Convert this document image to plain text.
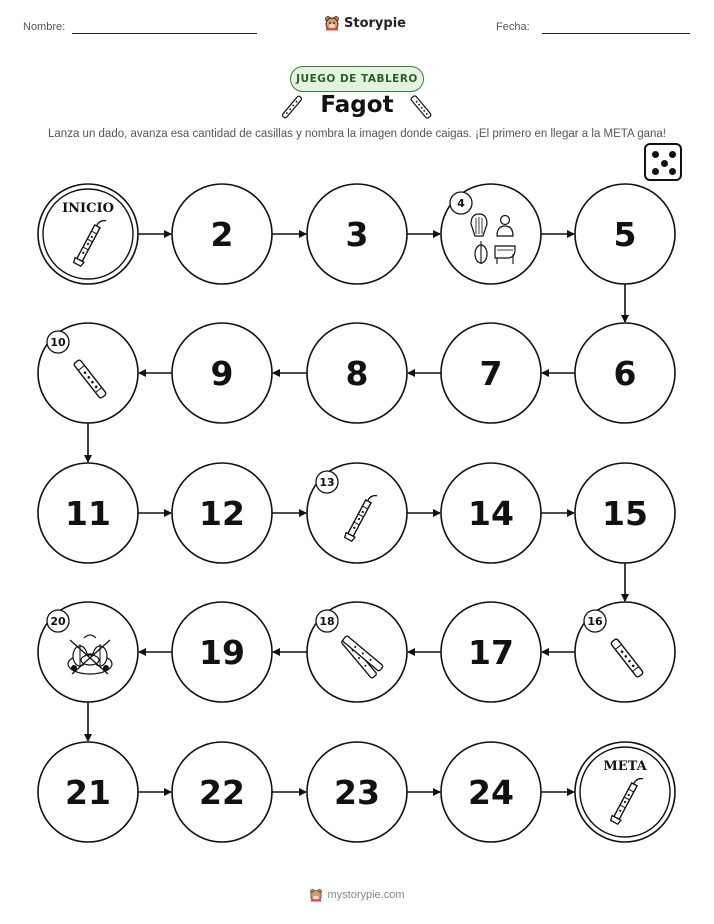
Nombre:	Storypie	Fecha:
JUEGO DE TABLERO
Fagot
Lanza un dado, avanza esa cantidad de casillas y nombra la imagen donde caigas. ¡El primero en llegar a la META gana!
INICIO
2	3
4
5
6
7
8
9
10
11	12
13
14	15
16
17
18
19
20
21	22	23	24
META
mystorypie.com
